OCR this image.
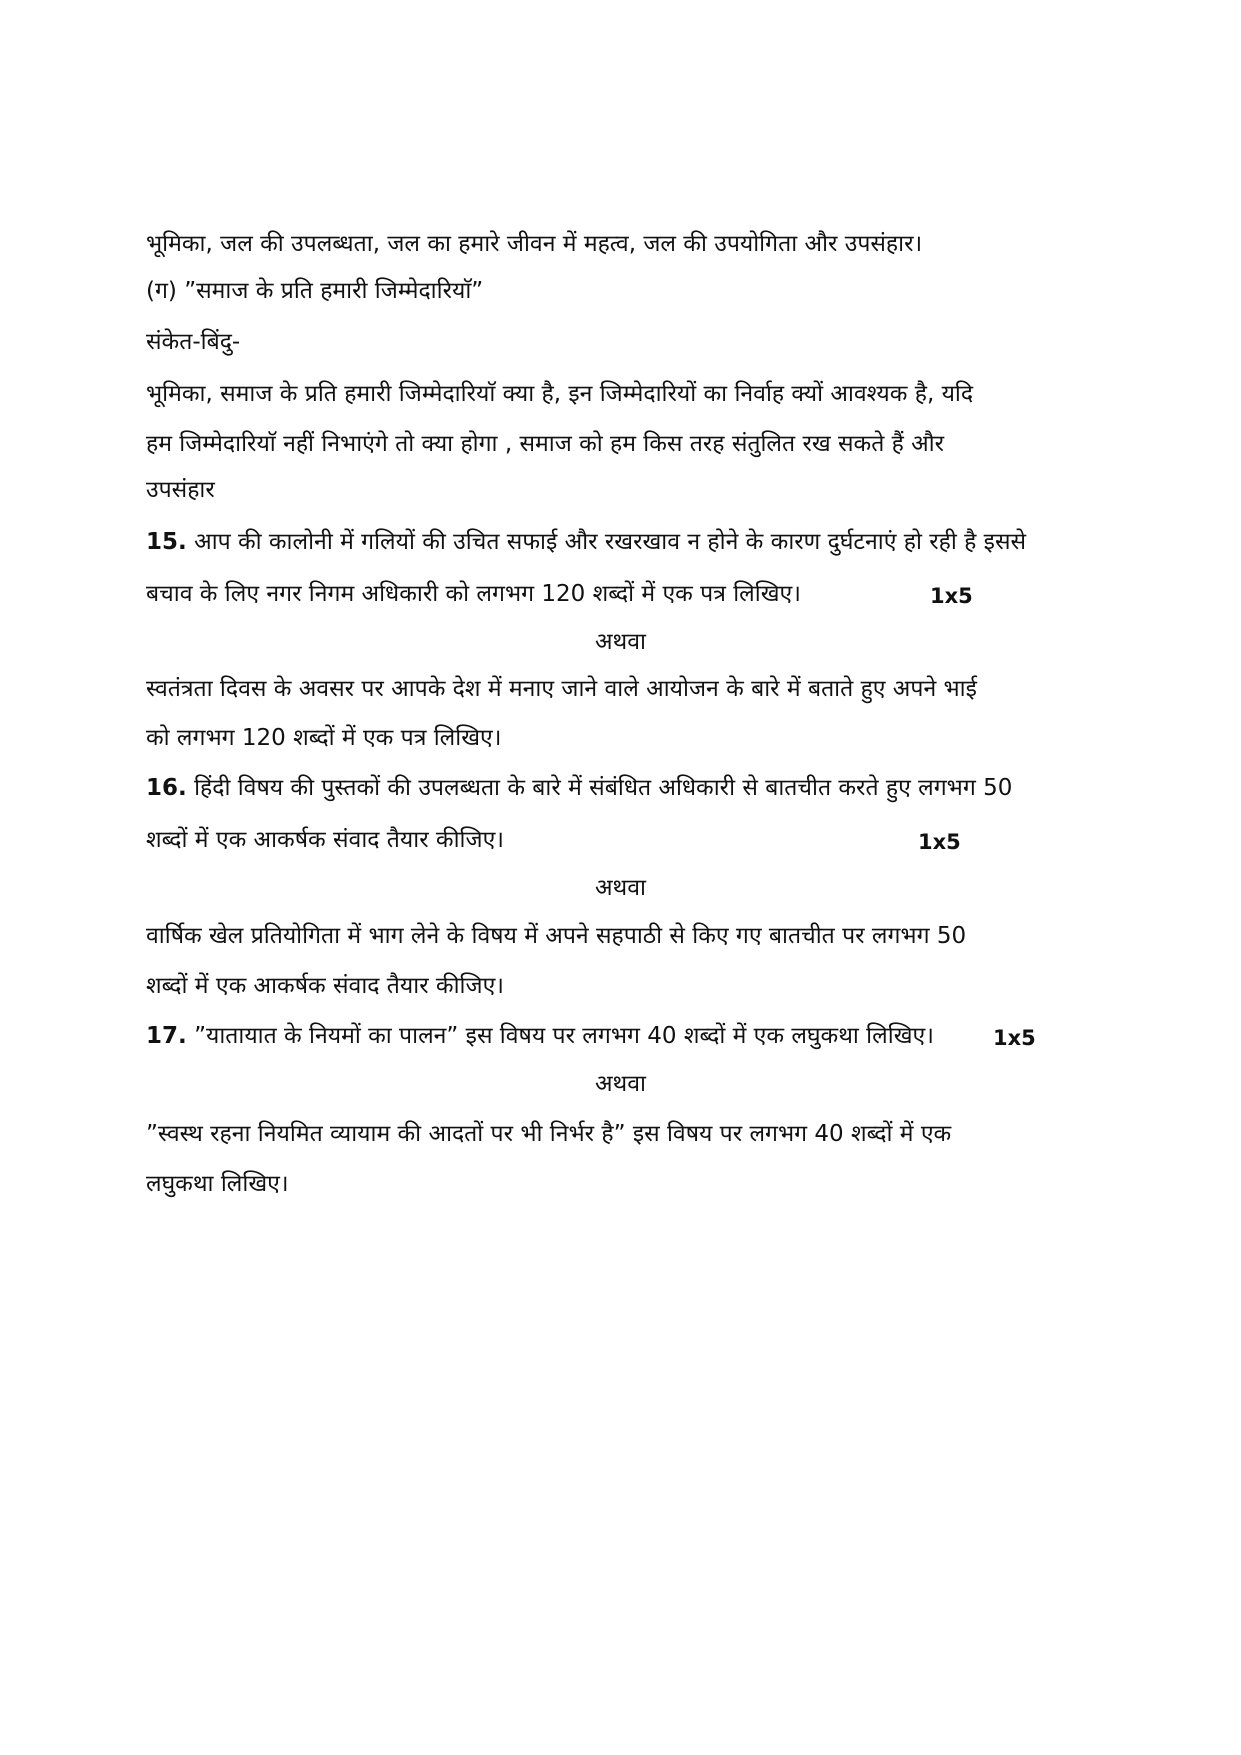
भूमिका, जल की उपलब्धता, जल का हमारे जीवन में महत्व, जल की उपयोगिता और उपसंहार।
(ग) ”समाज के प्रति हमारी जिम्मेदारियाॅ”
संकेत-बिंदु-
भूमिका, समाज के प्रति हमारी जिम्मेदारियाॅ क्या है, इन जिम्मेदारियों का निर्वाह क्यों आवश्यक है, यदि
हम जिम्मेदारियाॅ नहीं निभाएंगे तो क्या होगा , समाज को हम किस तरह संतुलित रख सकते हैं और
उपसंहार
15. आप की कालोनी में गलियों की उचित सफाई और रखरखाव न होने के कारण दुर्घटनाएं हो रही है इससे
बचाव के लिए नगर निगम अधिकारी को लगभग 120 शब्दों में एक पत्र लिखिए।	1x5
अथवा
स्वतंत्रता दिवस के अवसर पर आपके देश में मनाए जाने वाले आयोजन के बारे में बताते हुए अपने भाई
को लगभग 120 शब्दों में एक पत्र लिखिए।
16. हिंदी विषय की पुस्तकों की उपलब्धता के बारे में संबंधित अधिकारी से बातचीत करते हुए लगभग 50
शब्दों में एक आकर्षक संवाद तैयार कीजिए।	1x5
अथवा
वार्षिक खेल प्रतियोगिता में भाग लेने के विषय में अपने सहपाठी से किए गए बातचीत पर लगभग 50
शब्दों में एक आकर्षक संवाद तैयार कीजिए।
17. ”यातायात के नियमों का पालन” इस विषय पर लगभग 40 शब्दों में एक लघुकथा लिखिए।	1x5
अथवा
”स्वस्थ रहना नियमित व्यायाम की आदतों पर भी निर्भर है” इस विषय पर लगभग 40 शब्दों में एक
लघुकथा लिखिए।
